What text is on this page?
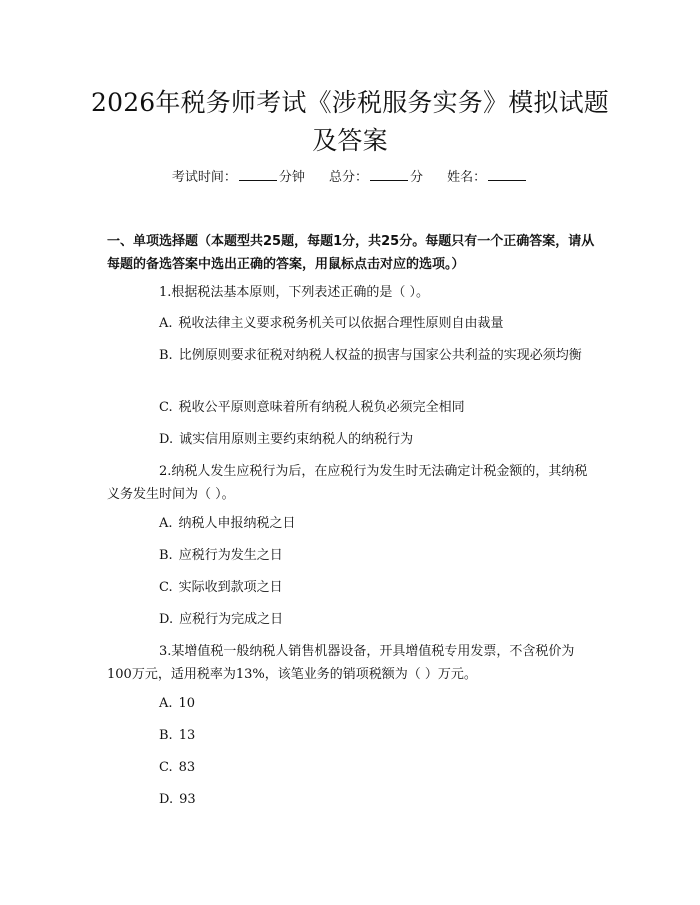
2026年税务师考试《涉税服务实务》模拟试题及答案
考试时间：	分钟 总分：	分 姓名：
一、单项选择题（本题型共25题，每题1分，共25分。每题只有一个正确答案，请从每题的备选答案中选出正确的答案，用鼠标点击对应的选项。）
1.根据税法基本原则，下列表述正确的是（ ）。
A. 税收法律主义要求税务机关可以依据合理性原则自由裁量
B. 比例原则要求征税对纳税人权益的损害与国家公共利益的实现必须均衡
C. 税收公平原则意味着所有纳税人税负必须完全相同
D. 诚实信用原则主要约束纳税人的纳税行为
2.纳税人发生应税行为后，在应税行为发生时无法确定计税金额的，其纳税义务发生时间为（ ）。
A. 纳税人申报纳税之日
B. 应税行为发生之日
C. 实际收到款项之日
D. 应税行为完成之日
3.某增值税一般纳税人销售机器设备，开具增值税专用发票，不含税价为100万元，适用税率为13%，该笔业务的销项税额为（ ）万元。
A. 10
B. 13
C. 83
D. 93
